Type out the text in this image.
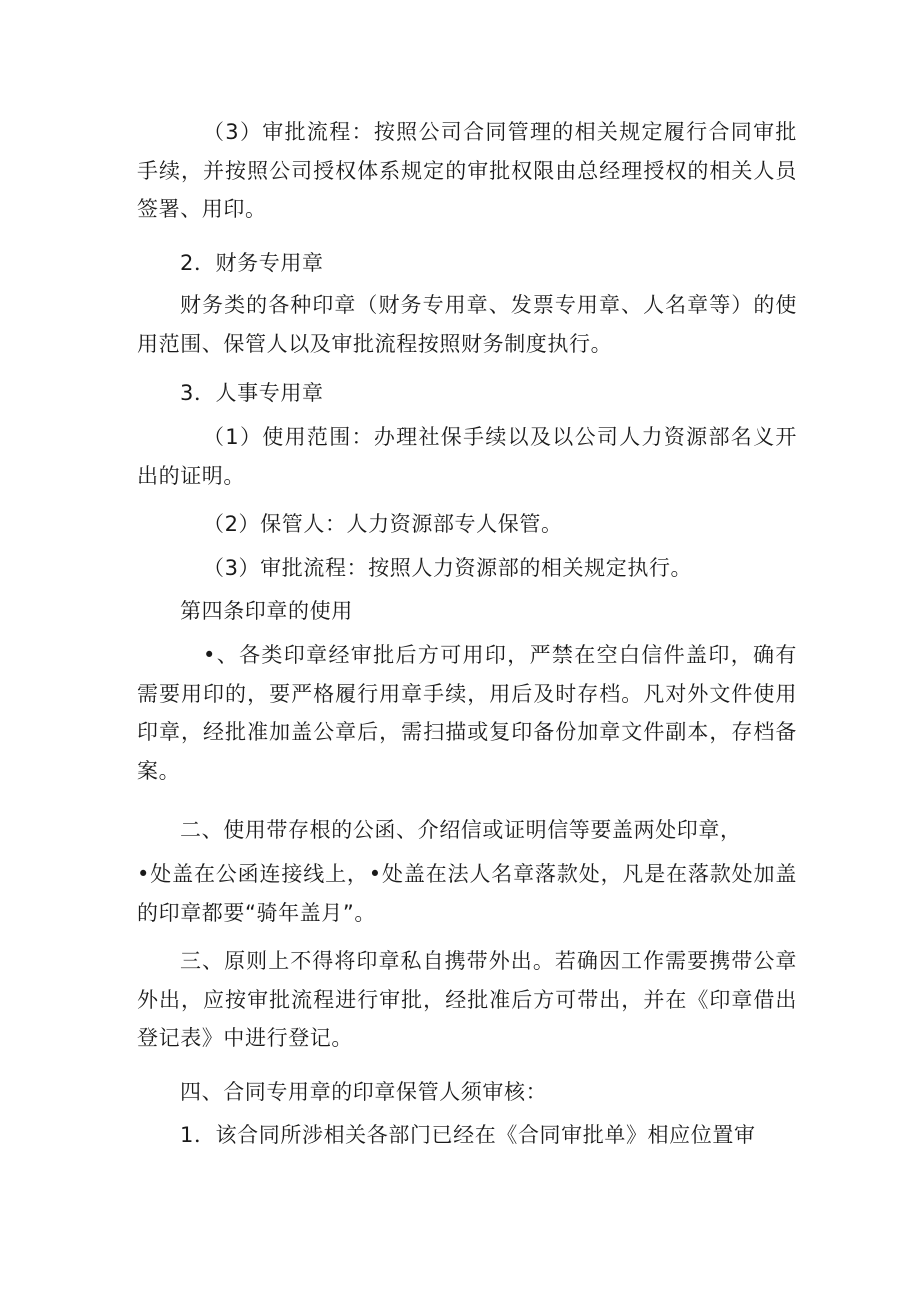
（3）审批流程：按照公司合同管理的相关规定履行合同审批手续，并按照公司授权体系规定的审批权限由总经理授权的相关人员签署、用印。

2．财务专用章

财务类的各种印章（财务专用章、发票专用章、人名章等）的使用范围、保管人以及审批流程按照财务制度执行。

3．人事专用章

（1）使用范围：办理社保手续以及以公司人力资源部名义开出的证明。

（2）保管人：人力资源部专人保管。

（3）审批流程：按照人力资源部的相关规定执行。

第四条印章的使用

•、各类印章经审批后方可用印，严禁在空白信件盖印，确有需要用印的，要严格履行用章手续，用后及时存档。凡对外文件使用印章，经批准加盖公章后，需扫描或复印备份加章文件副本，存档备案。

二、使用带存根的公函、介绍信或证明信等要盖两处印章，

•处盖在公函连接线上，•处盖在法人名章落款处，凡是在落款处加盖的印章都要“骑年盖月”。

三、原则上不得将印章私自携带外出。若确因工作需要携带公章外出，应按审批流程进行审批，经批准后方可带出，并在《印章借出登记表》中进行登记。

四、合同专用章的印章保管人须审核：

1．该合同所涉相关各部门已经在《合同审批单》相应位置审
